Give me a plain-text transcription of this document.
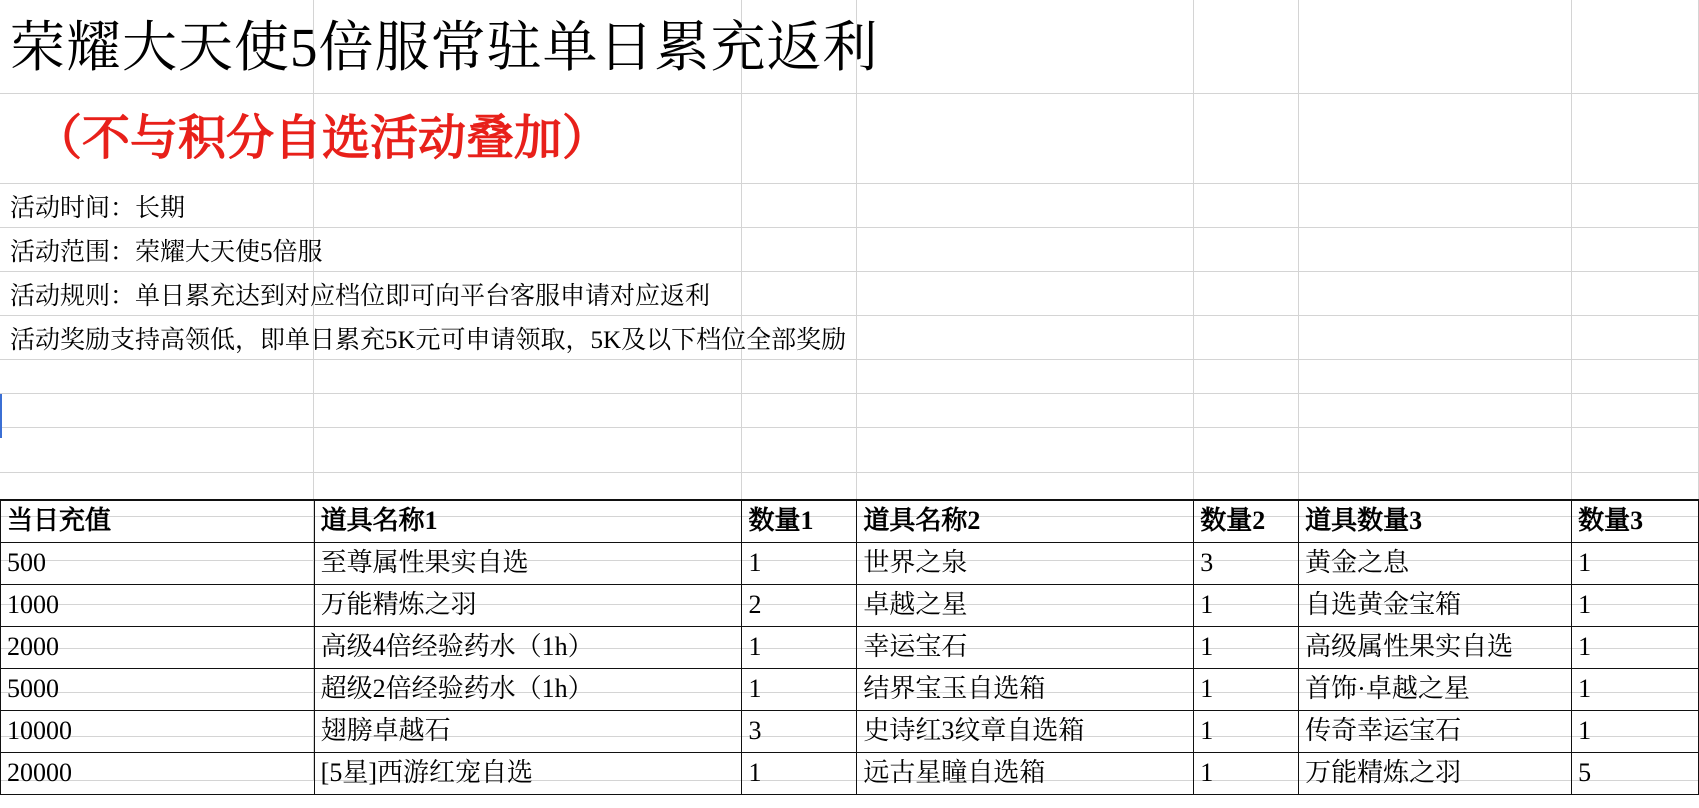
荣耀大天使5倍服常驻单日累充返利
（不与积分自选活动叠加）
活动时间：长期
活动范围：荣耀大天使5倍服
活动规则：单日累充达到对应档位即可向平台客服申请对应返利
活动奖励支持高领低，即单日累充5K元可申请领取，5K及以下档位全部奖励
当日充值	道具名称1	数量1	道具名称2	数量2	道具数量3	数量3
500	至尊属性果实自选	1	世界之泉	3	黄金之息	1
1000	万能精炼之羽	2	卓越之星	1	自选黄金宝箱	1
2000	高级4倍经验药水（1h）	1	幸运宝石	1	高级属性果实自选	1
5000	超级2倍经验药水（1h）	1	结界宝玉自选箱	1	首饰·卓越之星	1
10000	翅膀卓越石	3	史诗红3纹章自选箱	1	传奇幸运宝石	1
20000	[5星]西游红宠自选	1	远古星瞳自选箱	1	万能精炼之羽	5
